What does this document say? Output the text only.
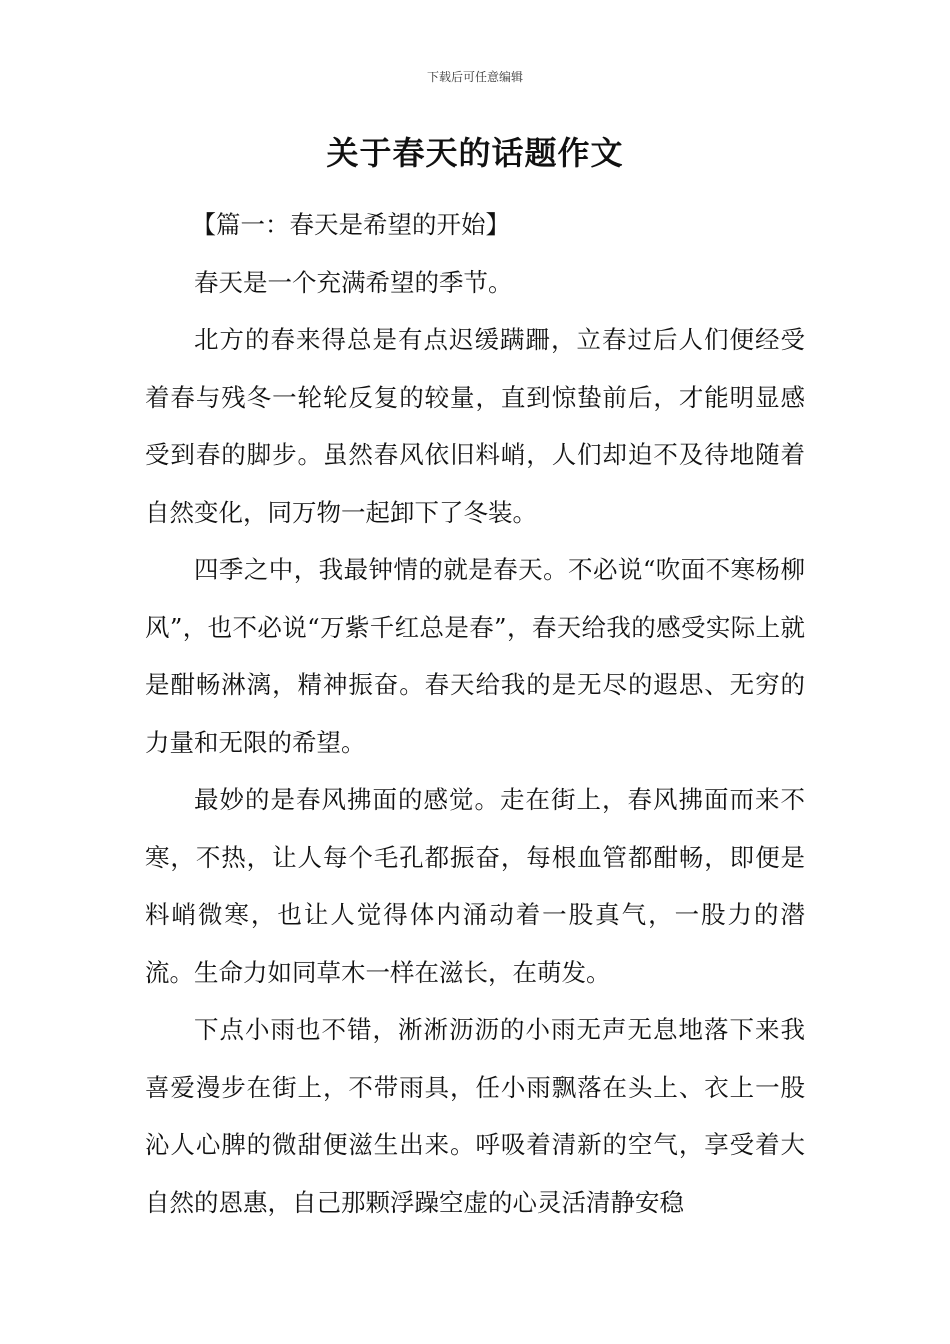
下载后可任意编辑
关于春天的话题作文

【篇一：春天是希望的开始】

春天是一个充满希望的季节。

北方的春来得总是有点迟缓蹒跚，立春过后人们便经受着春与残冬一轮轮反复的较量，直到惊蛰前后，才能明显感受到春的脚步。虽然春风依旧料峭，人们却迫不及待地随着自然变化，同万物一起卸下了冬装。

四季之中，我最钟情的就是春天。不必说“吹面不寒杨柳风”，也不必说“万紫千红总是春”，春天给我的感受实际上就是酣畅淋漓，精神振奋。春天给我的是无尽的遐思、无穷的力量和无限的希望。

最妙的是春风拂面的感觉。走在街上，春风拂面而来不寒，不热，让人每个毛孔都振奋，每根血管都酣畅，即便是料峭微寒，也让人觉得体内涌动着一股真气，一股力的潜流。生命力如同草木一样在滋长，在萌发。

下点小雨也不错，淅淅沥沥的小雨无声无息地落下来我喜爱漫步在街上，不带雨具，任小雨飘落在头上、衣上一股沁人心脾的微甜便滋生出来。呼吸着清新的空气，享受着大自然的恩惠，自己那颗浮躁空虚的心灵活清静安稳
